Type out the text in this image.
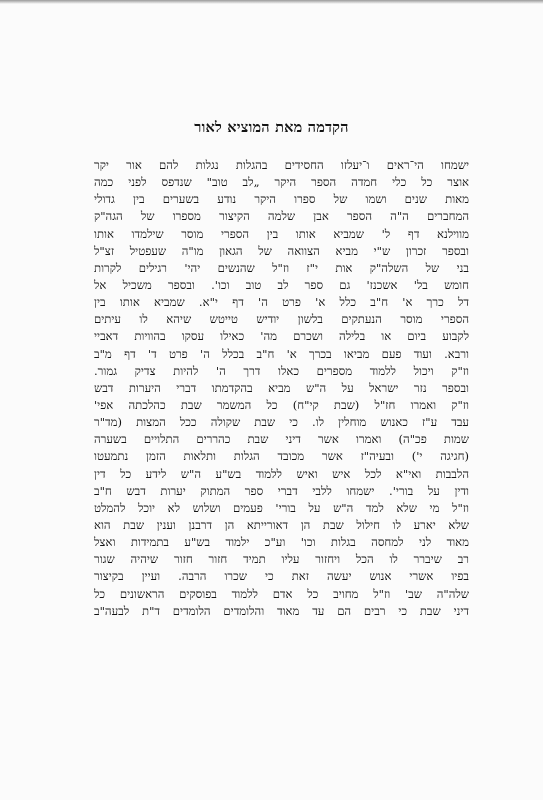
הקדמה מאת המוציא לאור
ישמחו הי־ראים ו־יעלזו החסידים בהגלות נגלות להם אור יקר
אוצר כל כלי חמדה הספר היקר „לב טוב" שנדפס לפני כמה
מאות שנים ושמו של ספרו היקר נודע בשערים בין גדולי
המחברים ה"ה הספר אבן שלמה הקיצור מספרו של הגה"ק
מווילנא דף ל' שמביא אותו בין הספרי מוסר שילמדו אותו
ובספר זכרון ש"י מביא הצוואה של הגאון מו"ה שעפטיל זצ"ל
בני של השלה"ק אות י"ז וז"ל שהנשים יהי' רגילים לקרות
חומש בל' אשכנז' גם ספר לב טוב וכו'. ובספר משכיל אל
דל כרך א' ח"ב כלל א' פרט ה' דף י"א. שמביא אותו בין
הספרי מוסר הנעתקים בלשון יודיש טייטש שיהא לו עיתים
לקבוע ביום או בלילה ושכרם מה' כאילו עסקו בהוויות דאביי
ורבא. ועוד פעם מביאו בכרך א' ח"ב בכלל ה' פרט ד' דף מ"ב
וז"ק ויכול ללמוד מספרים כאלו דרך ה' להיות צדיק גמור.
ובספר נזר ישראל על ה"ש מביא בהקדמתו דברי היערות דבש
וז"ק ואמרו חז"ל (שבת קי"ח) כל המשמר שבת כהלכתה אפי'
עבד ע"ז כאנוש מוחלין לו. כי שבת שקולה ככל המצות (מד"ר
שמות פכ"ה) ואמרו אשר דיני שבת כהררים התלויים בשערה
(חגיגה י') ובעיה"ז אשר מכובד הגלות ותלאות הזמן נתמעטו
הלבבות ואי"א לכל איש ואיש ללמוד בש"ע ה"ש לידע כל דין
ודין על בורי'. ישמחו ללבי דברי ספר המתוק יערות דבש ח"ב
וז"ל מי שלא למד ה"ש על בורי' פעמים ושלוש לא יוכל להמלט
שלא יארע לו חילול שבת הן דאורייתא הן דרבנן וענין שבת הוא
מאוד לני למחסה בגלות וכו' וע"כ ילמוד בש"ע בתמידות ואצל
רב שיברר לו הכל ויחזור עליו תמיד חזור חזור שיהיה שגור
בפיו אשרי אנוש יעשה זאת כי שכרו הרבה. ועיין בקיצור
שלה"ה שב' וז"ל מחויב כל אדם ללמוד בפוסקים הראשונים כל
דיני שבת כי רבים הם עד מאוד והלומדים הלומדים ד"ת לבעה"ב
